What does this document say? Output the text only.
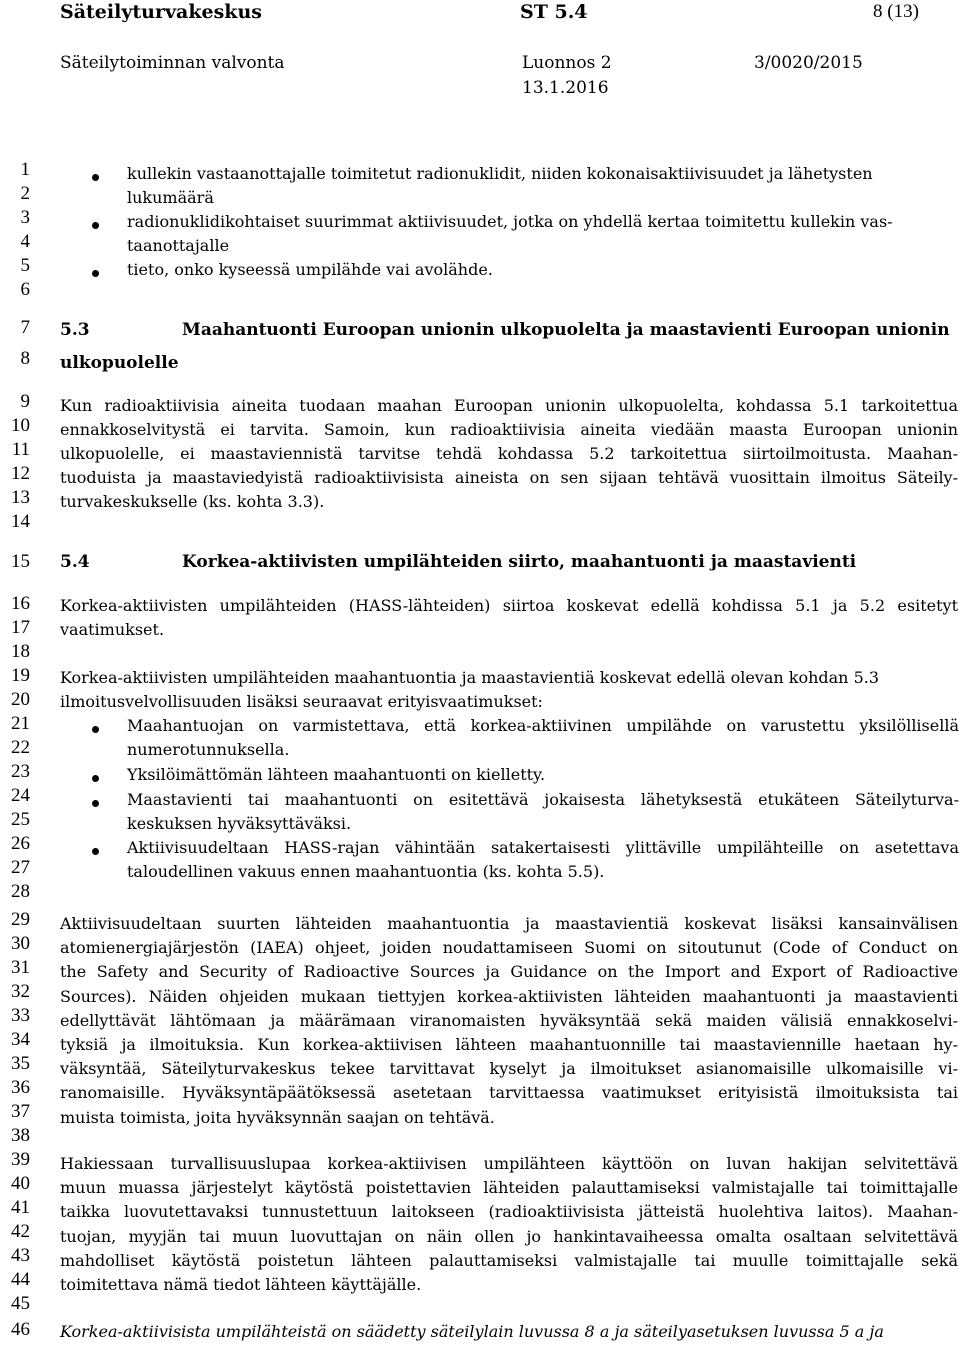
Säteilyturvakeskus	ST 5.4	8 (13)
Säteilytoiminnan valvonta	Luonnos 2
13.1.2016
3/0020/2015
1
2
3
4
5
6
7
8
9
10
11
12
13
14
15
16
17
18
19
20
21
22
23
24
25
26
27
28
29
30
31
32
33
34
35
36
37
38
39
40
41
42
43
44
45
46
kullekin vastaanottajalle toimitetut radionuklidit, niiden kokonaisaktiivisuudet ja lähetysten
lukumäärä
radionuklidikohtaiset suurimmat aktiivisuudet, jotka on yhdellä kertaa toimitettu kullekin vas-
taanottajalle
tieto, onko kyseessä umpilähde vai avolähde.
5.3	Maahantuonti Euroopan unionin ulkopuolelta ja maastavienti Euroopan unionin
ulkopuolelle
Kun radioaktiivisia aineita tuodaan maahan Euroopan unionin ulkopuolelta, kohdassa 5.1 tarkoitettua
ennakkoselvitystä ei tarvita. Samoin, kun radioaktiivisia aineita viedään maasta Euroopan unionin
ulkopuolelle, ei maastaviennistä tarvitse tehdä kohdassa 5.2 tarkoitettua siirtoilmoitusta. Maahan-
tuoduista ja maastaviedyistä radioaktiivisista aineista on sen sijaan tehtävä vuosittain ilmoitus Säteily-
turvakeskukselle (ks. kohta 3.3).
5.4	Korkea-aktiivisten umpilähteiden siirto, maahantuonti ja maastavienti
Korkea-aktiivisten umpilähteiden (HASS-lähteiden) siirtoa koskevat edellä kohdissa 5.1 ja 5.2 esitetyt
vaatimukset.
Korkea-aktiivisten umpilähteiden maahantuontia ja maastavientiä koskevat edellä olevan kohdan 5.3
ilmoitusvelvollisuuden lisäksi seuraavat erityisvaatimukset:
Maahantuojan on varmistettava, että korkea-aktiivinen umpilähde on varustettu yksilöllisellä
numerotunnuksella.
Yksilöimättömän lähteen maahantuonti on kielletty.
Maastavienti tai maahantuonti on esitettävä jokaisesta lähetyksestä etukäteen Säteilyturva-
keskuksen hyväksyttäväksi.
Aktiivisuudeltaan HASS-rajan vähintään satakertaisesti ylittäville umpilähteille on asetettava
taloudellinen vakuus ennen maahantuontia (ks. kohta 5.5).
Aktiivisuudeltaan suurten lähteiden maahantuontia ja maastavientiä koskevat lisäksi kansainvälisen
atomienergiajärjestön (IAEA) ohjeet, joiden noudattamiseen Suomi on sitoutunut (Code of Conduct on
the Safety and Security of Radioactive Sources ja Guidance on the Import and Export of Radioactive
Sources). Näiden ohjeiden mukaan tiettyjen korkea-aktiivisten lähteiden maahantuonti ja maastavienti
edellyttävät lähtömaan ja määrämaan viranomaisten hyväksyntää sekä maiden välisiä ennakkoselvi-
tyksiä ja ilmoituksia. Kun korkea-aktiivisen lähteen maahantuonnille tai maastaviennille haetaan hy-
väksyntää, Säteilyturvakeskus tekee tarvittavat kyselyt ja ilmoitukset asianomaisille ulkomaisille vi-
ranomaisille. Hyväksyntäpäätöksessä asetetaan tarvittaessa vaatimukset erityisistä ilmoituksista tai
muista toimista, joita hyväksynnän saajan on tehtävä.
Hakiessaan turvallisuuslupaa korkea-aktiivisen umpilähteen käyttöön on luvan hakijan selvitettävä
muun muassa järjestelyt käytöstä poistettavien lähteiden palauttamiseksi valmistajalle tai toimittajalle
taikka luovutettavaksi tunnustettuun laitokseen (radioaktiivisista jätteistä huolehtiva laitos). Maahan-
tuojan, myyjän tai muun luovuttajan on näin ollen jo hankintavaiheessa omalta osaltaan selvitettävä
mahdolliset käytöstä poistetun lähteen palauttamiseksi valmistajalle tai muulle toimittajalle sekä
toimitettava nämä tiedot lähteen käyttäjälle.
Korkea-aktiivisista umpilähteistä on säädetty säteilylain luvussa 8 a ja säteilyasetuksen luvussa 5 a ja
